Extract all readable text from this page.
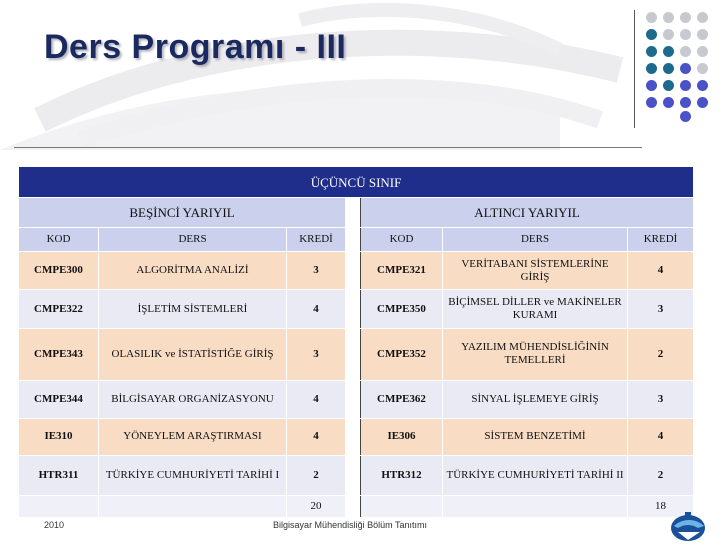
Ders Programı - III
ÜÇÜNCÜ SINIF						
BEŞİNCİ YARIYIL				ALTINCI YARIYIL		
KOD	DERS	KREDİ		KOD	DERS	KREDİ
CMPE300	ALGORİTMA ANALİZİ	3		CMPE321	VERİTABANI SİSTEMLERİNE GİRİŞ	4
CMPE322	İŞLETİM SİSTEMLERİ	4		CMPE350	BİÇİMSEL DİLLER ve MAKİNELER KURAMI	3
CMPE343	OLASILIK ve İSTATİSTİĞE GİRİŞ	3		CMPE352	YAZILIM MÜHENDİSLİĞİNİN TEMELLERİ	2
CMPE344	BİLGİSAYAR ORGANİZASYONU	4		CMPE362	SİNYAL İŞLEMEYE GİRİŞ	3
IE310	YÖNEYLEM ARAŞTIRMASI	4		IE306	SİSTEM BENZETİMİ	4
HTR311	TÜRKİYE CUMHURİYETİ TARİHİ I	2		HTR312	TÜRKİYE CUMHURİYETİ TARİHİ II	2
		20				18
2010	Bilgisayar Mühendisliği Bölüm Tanıtımı
